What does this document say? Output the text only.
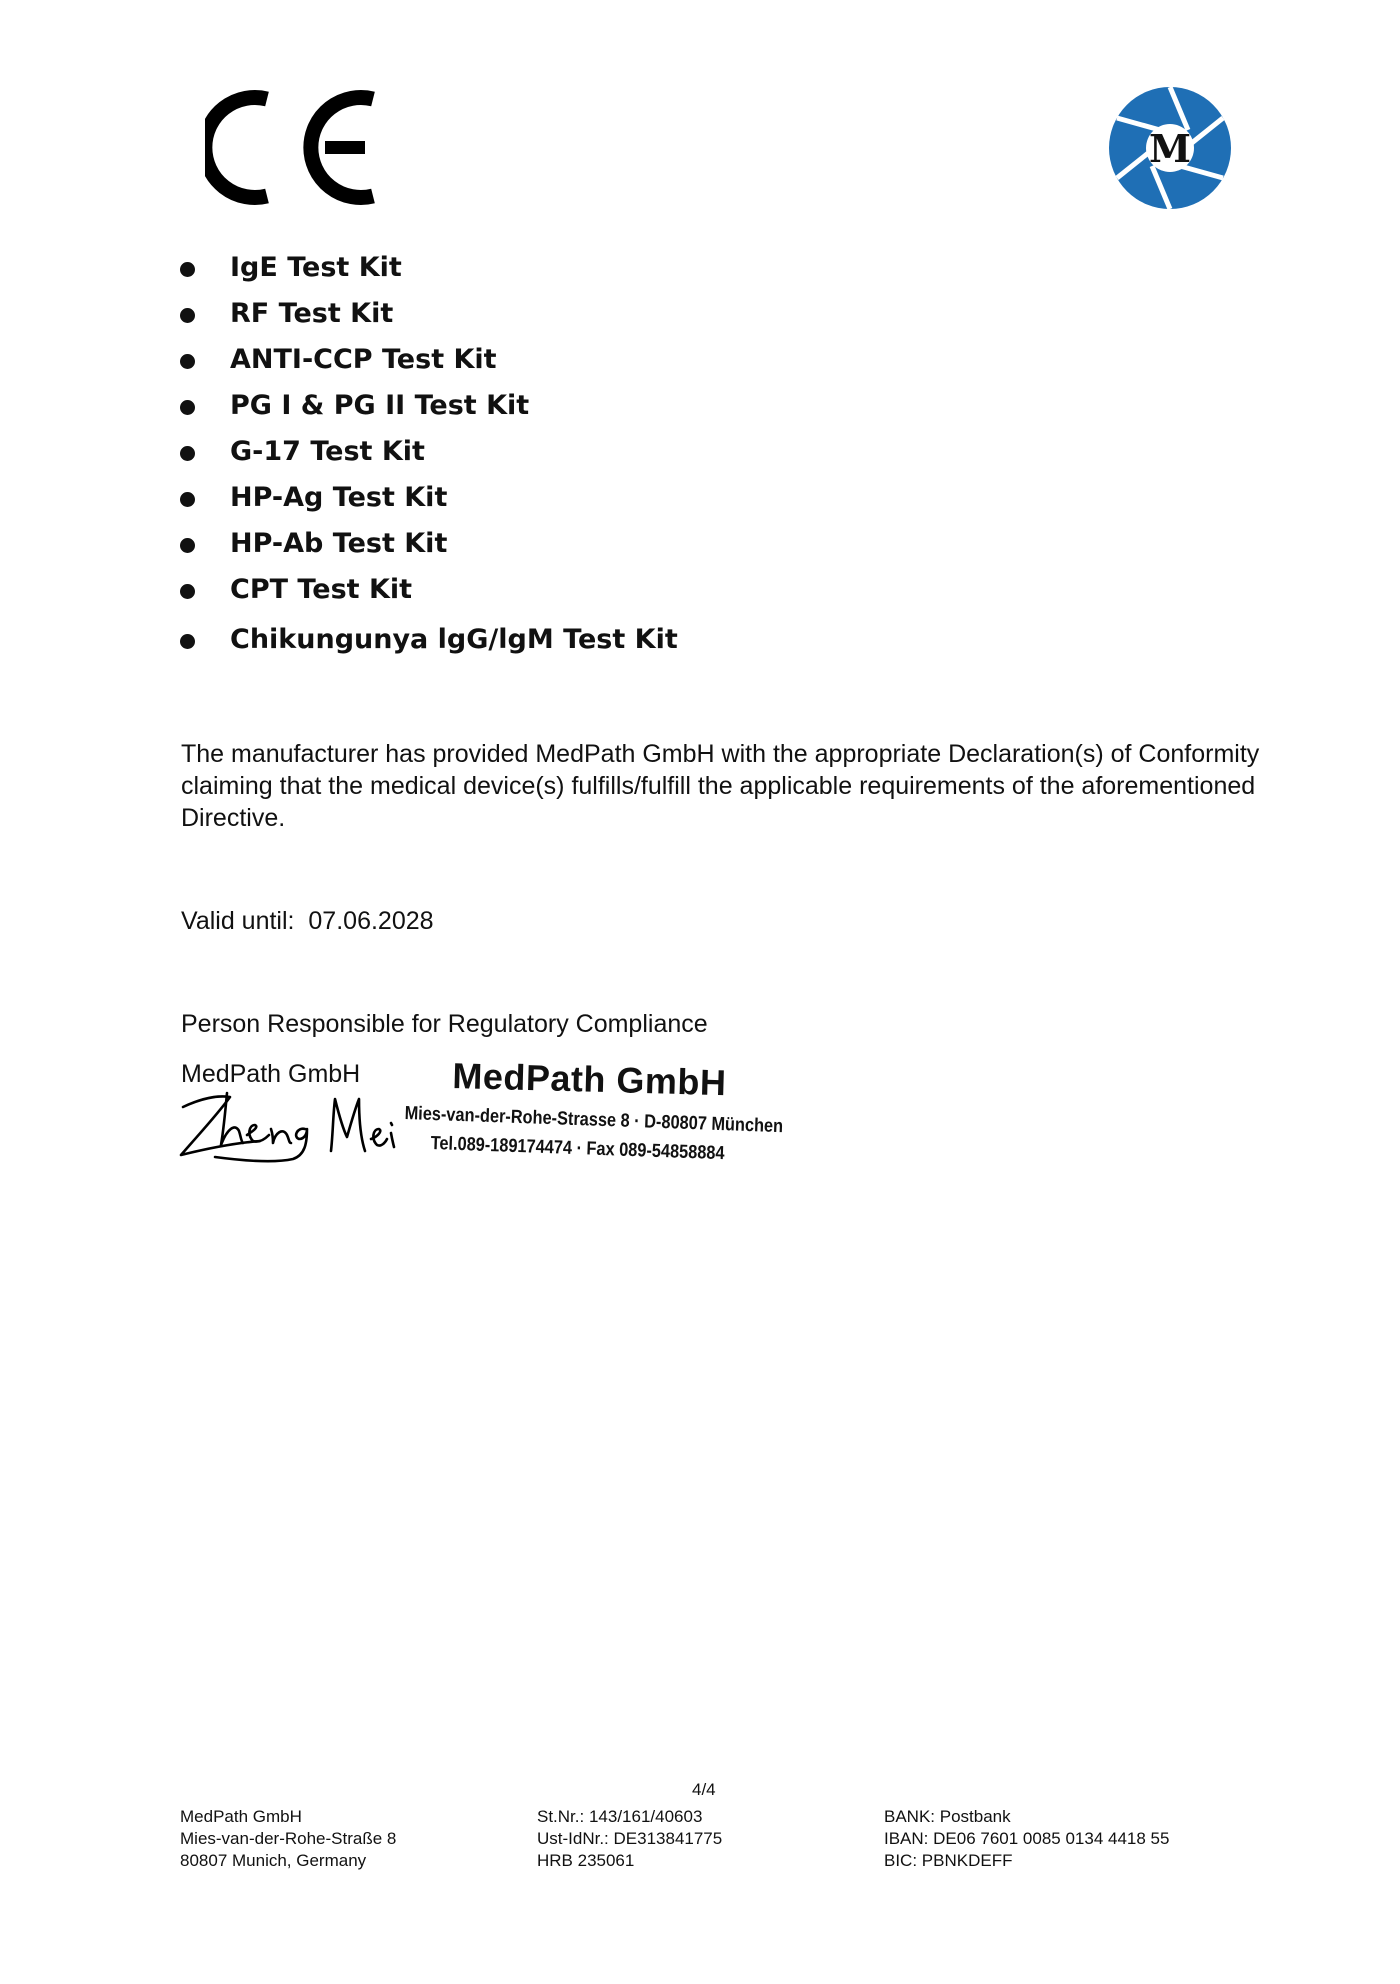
M
IgE Test Kit
RF Test Kit
ANTI-CCP Test Kit
PG I & PG II Test Kit
G-17 Test Kit
HP-Ag Test Kit
HP-Ab Test Kit
CPT Test Kit
Chikungunya lgG/lgM Test Kit
The manufacturer has provided MedPath GmbH with the appropriate Declaration(s) of Conformity claiming that the medical device(s) fulfills/fulfill the applicable requirements of the aforementioned Directive.
Valid until: 07.06.2028
Person Responsible for Regulatory Compliance
MedPath GmbH	MedPath GmbH
Mies-van-der-Rohe-Strasse 8 · D-80807 München
Tel.089-189174474 · Fax 089-54858884
4/4
MedPath GmbH
Mies-van-der-Rohe-Straße 8
80807 Munich, Germany
St.Nr.: 143/161/40603
Ust-IdNr.: DE313841775
HRB 235061
BANK: Postbank
IBAN: DE06 7601 0085 0134 4418 55
BIC: PBNKDEFF
